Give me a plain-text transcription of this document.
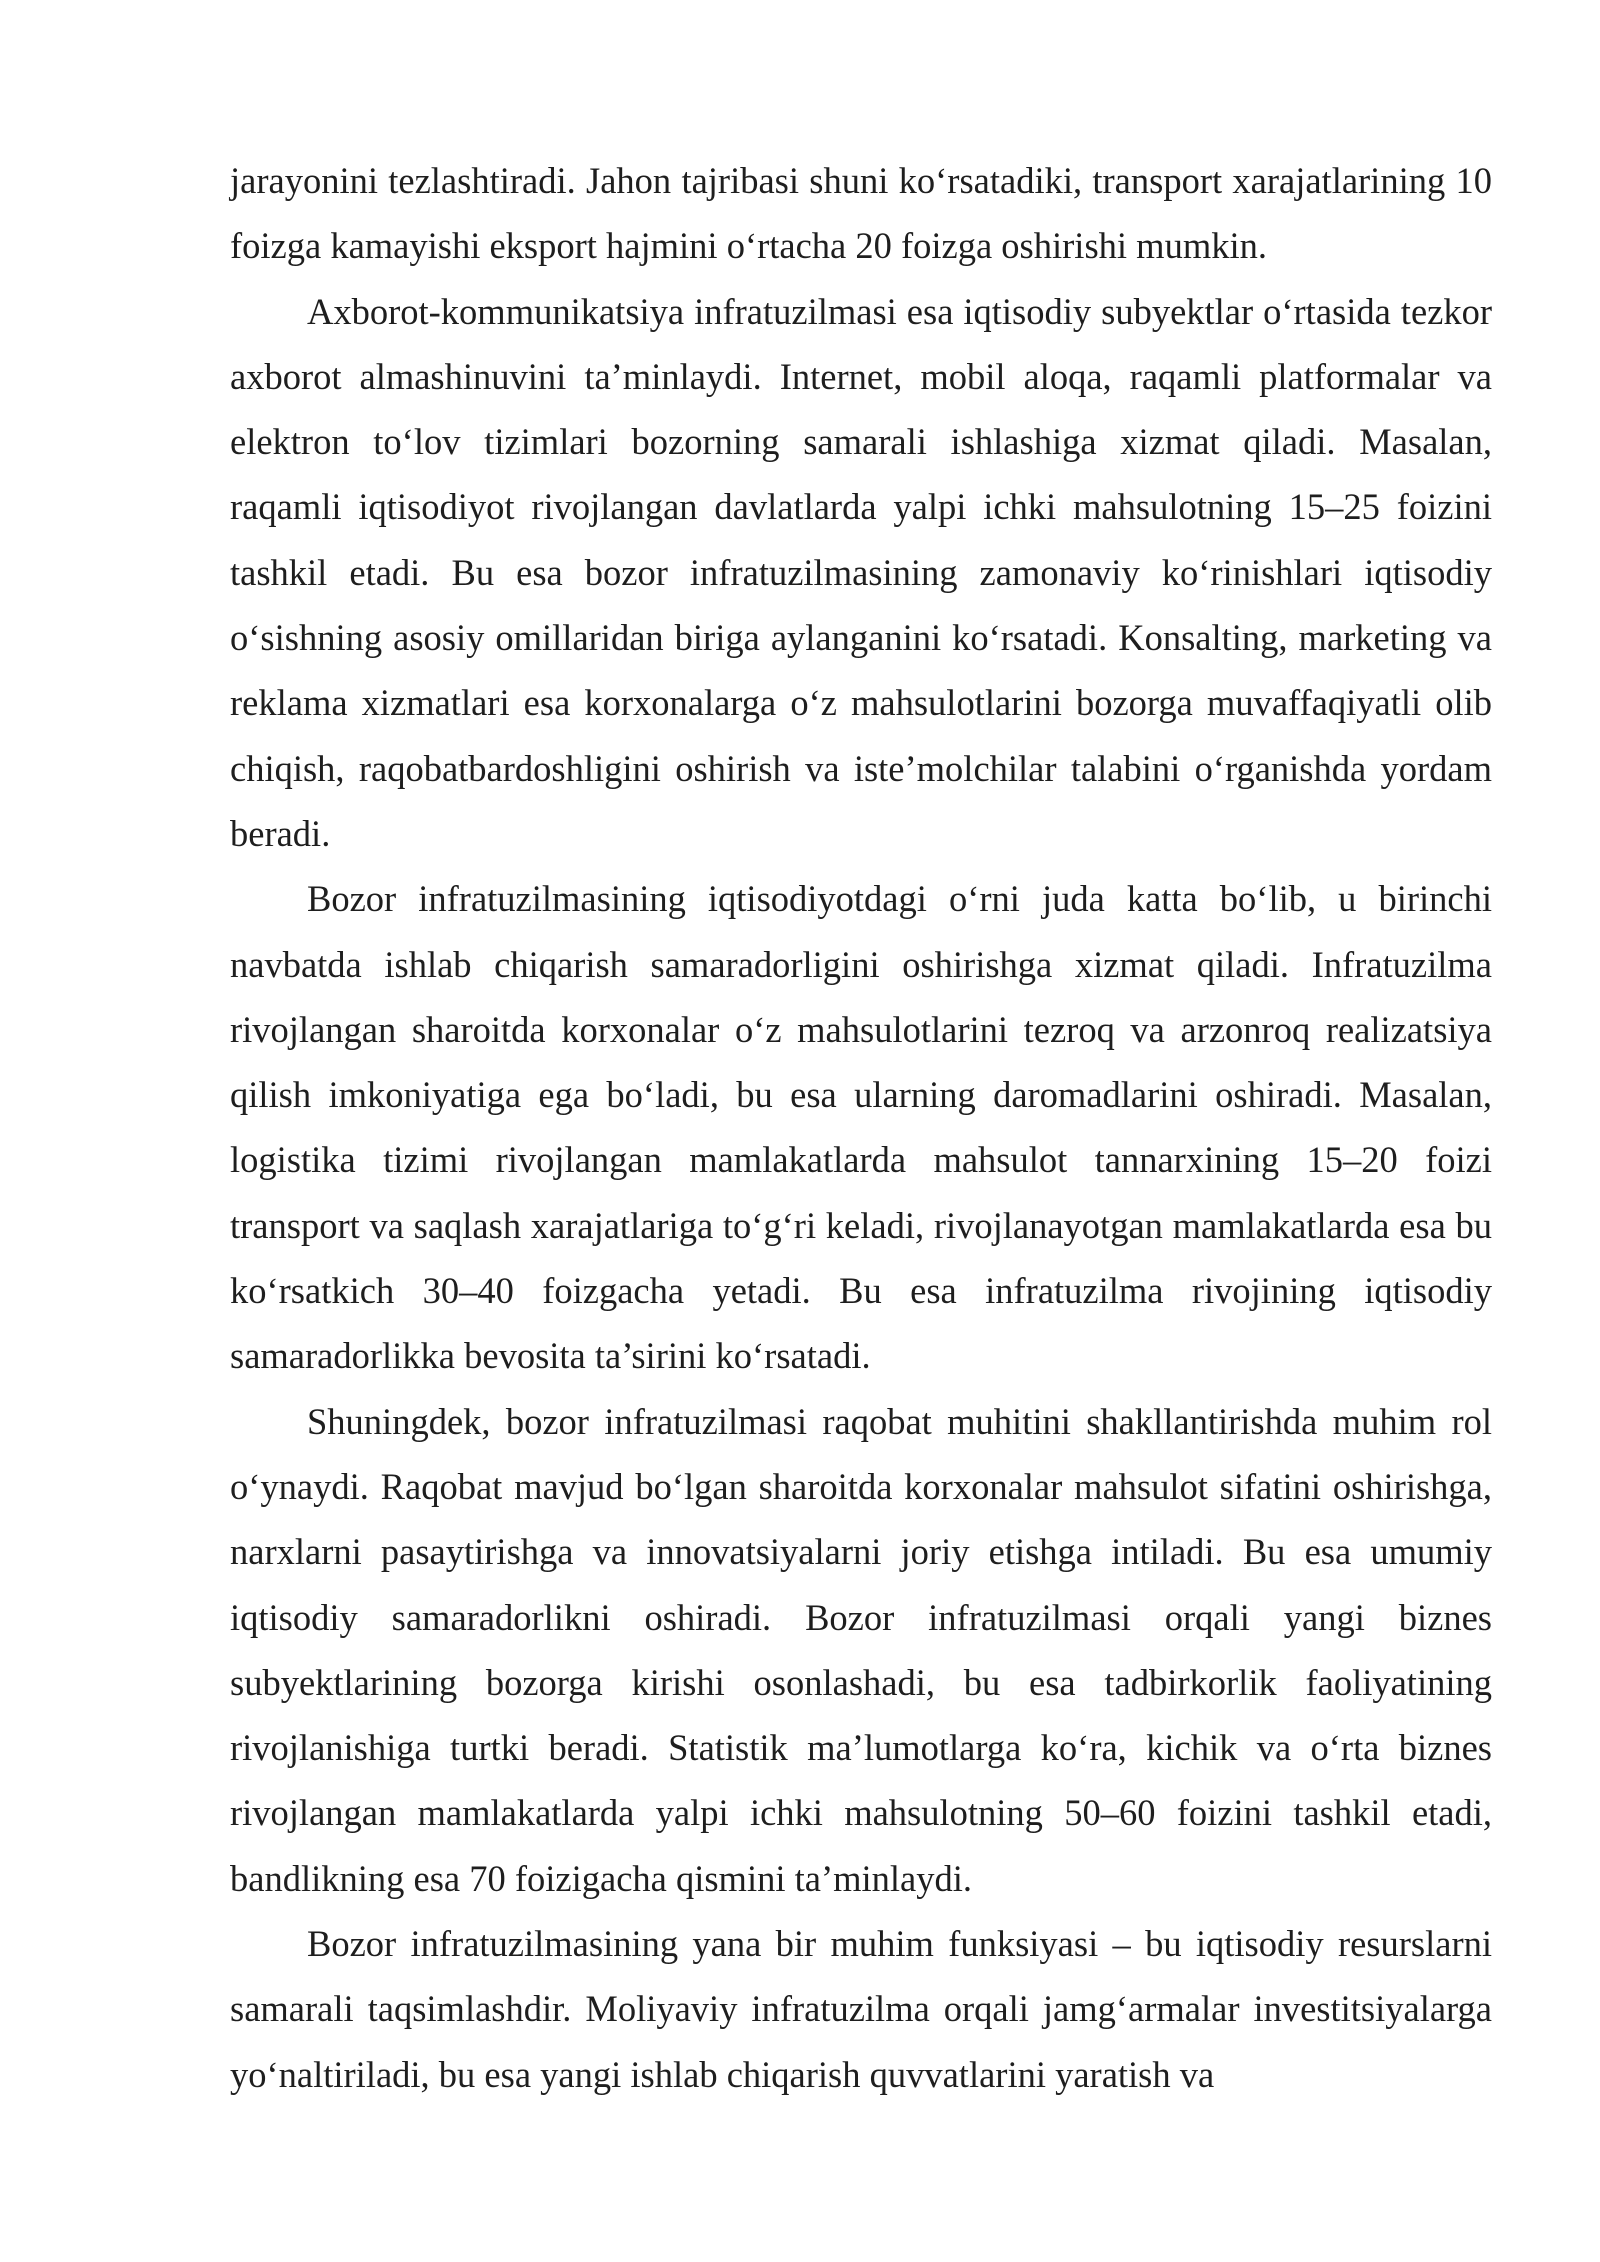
jarayonini tezlashtiradi. Jahon tajribasi shuni ko‘rsatadiki, transport xarajatlarining 10 foizga kamayishi eksport hajmini o‘rtacha 20 foizga oshirishi mumkin.

Axborot-kommunikatsiya infratuzilmasi esa iqtisodiy subyektlar o‘rtasida tezkor axborot almashinuvini ta’minlaydi. Internet, mobil aloqa, raqamli platformalar va elektron to‘lov tizimlari bozorning samarali ishlashiga xizmat qiladi. Masalan, raqamli iqtisodiyot rivojlangan davlatlarda yalpi ichki mahsulotning 15–25 foizini tashkil etadi. Bu esa bozor infratuzilmasining zamonaviy ko‘rinishlari iqtisodiy o‘sishning asosiy omillaridan biriga aylanganini ko‘rsatadi. Konsalting, marketing va reklama xizmatlari esa korxonalarga o‘z mahsulotlarini bozorga muvaffaqiyatli olib chiqish, raqobatbardoshligini oshirish va iste’molchilar talabini o‘rganishda yordam beradi.

Bozor infratuzilmasining iqtisodiyotdagi o‘rni juda katta bo‘lib, u birinchi navbatda ishlab chiqarish samaradorligini oshirishga xizmat qiladi. Infratuzilma rivojlangan sharoitda korxonalar o‘z mahsulotlarini tezroq va arzonroq realizatsiya qilish imkoniyatiga ega bo‘ladi, bu esa ularning daromadlarini oshiradi. Masalan, logistika tizimi rivojlangan mamlakatlarda mahsulot tannarxining 15–20 foizi transport va saqlash xarajatlariga to‘g‘ri keladi, rivojlanayotgan mamlakatlarda esa bu ko‘rsatkich 30–40 foizgacha yetadi. Bu esa infratuzilma rivojining iqtisodiy samaradorlikka bevosita ta’sirini ko‘rsatadi.

Shuningdek, bozor infratuzilmasi raqobat muhitini shakllantirishda muhim rol o‘ynaydi. Raqobat mavjud bo‘lgan sharoitda korxonalar mahsulot sifatini oshirishga, narxlarni pasaytirishga va innovatsiyalarni joriy etishga intiladi. Bu esa umumiy iqtisodiy samaradorlikni oshiradi. Bozor infratuzilmasi orqali yangi biznes subyektlarining bozorga kirishi osonlashadi, bu esa tadbirkorlik faoliyatining rivojlanishiga turtki beradi. Statistik ma’lumotlarga ko‘ra, kichik va o‘rta biznes rivojlangan mamlakatlarda yalpi ichki mahsulotning 50–60 foizini tashkil etadi, bandlikning esa 70 foizigacha qismini ta’minlaydi.

Bozor infratuzilmasining yana bir muhim funksiyasi – bu iqtisodiy resurslarni samarali taqsimlashdir. Moliyaviy infratuzilma orqali jamg‘armalar investitsiyalarga yo‘naltiriladi, bu esa yangi ishlab chiqarish quvvatlarini yaratish va
